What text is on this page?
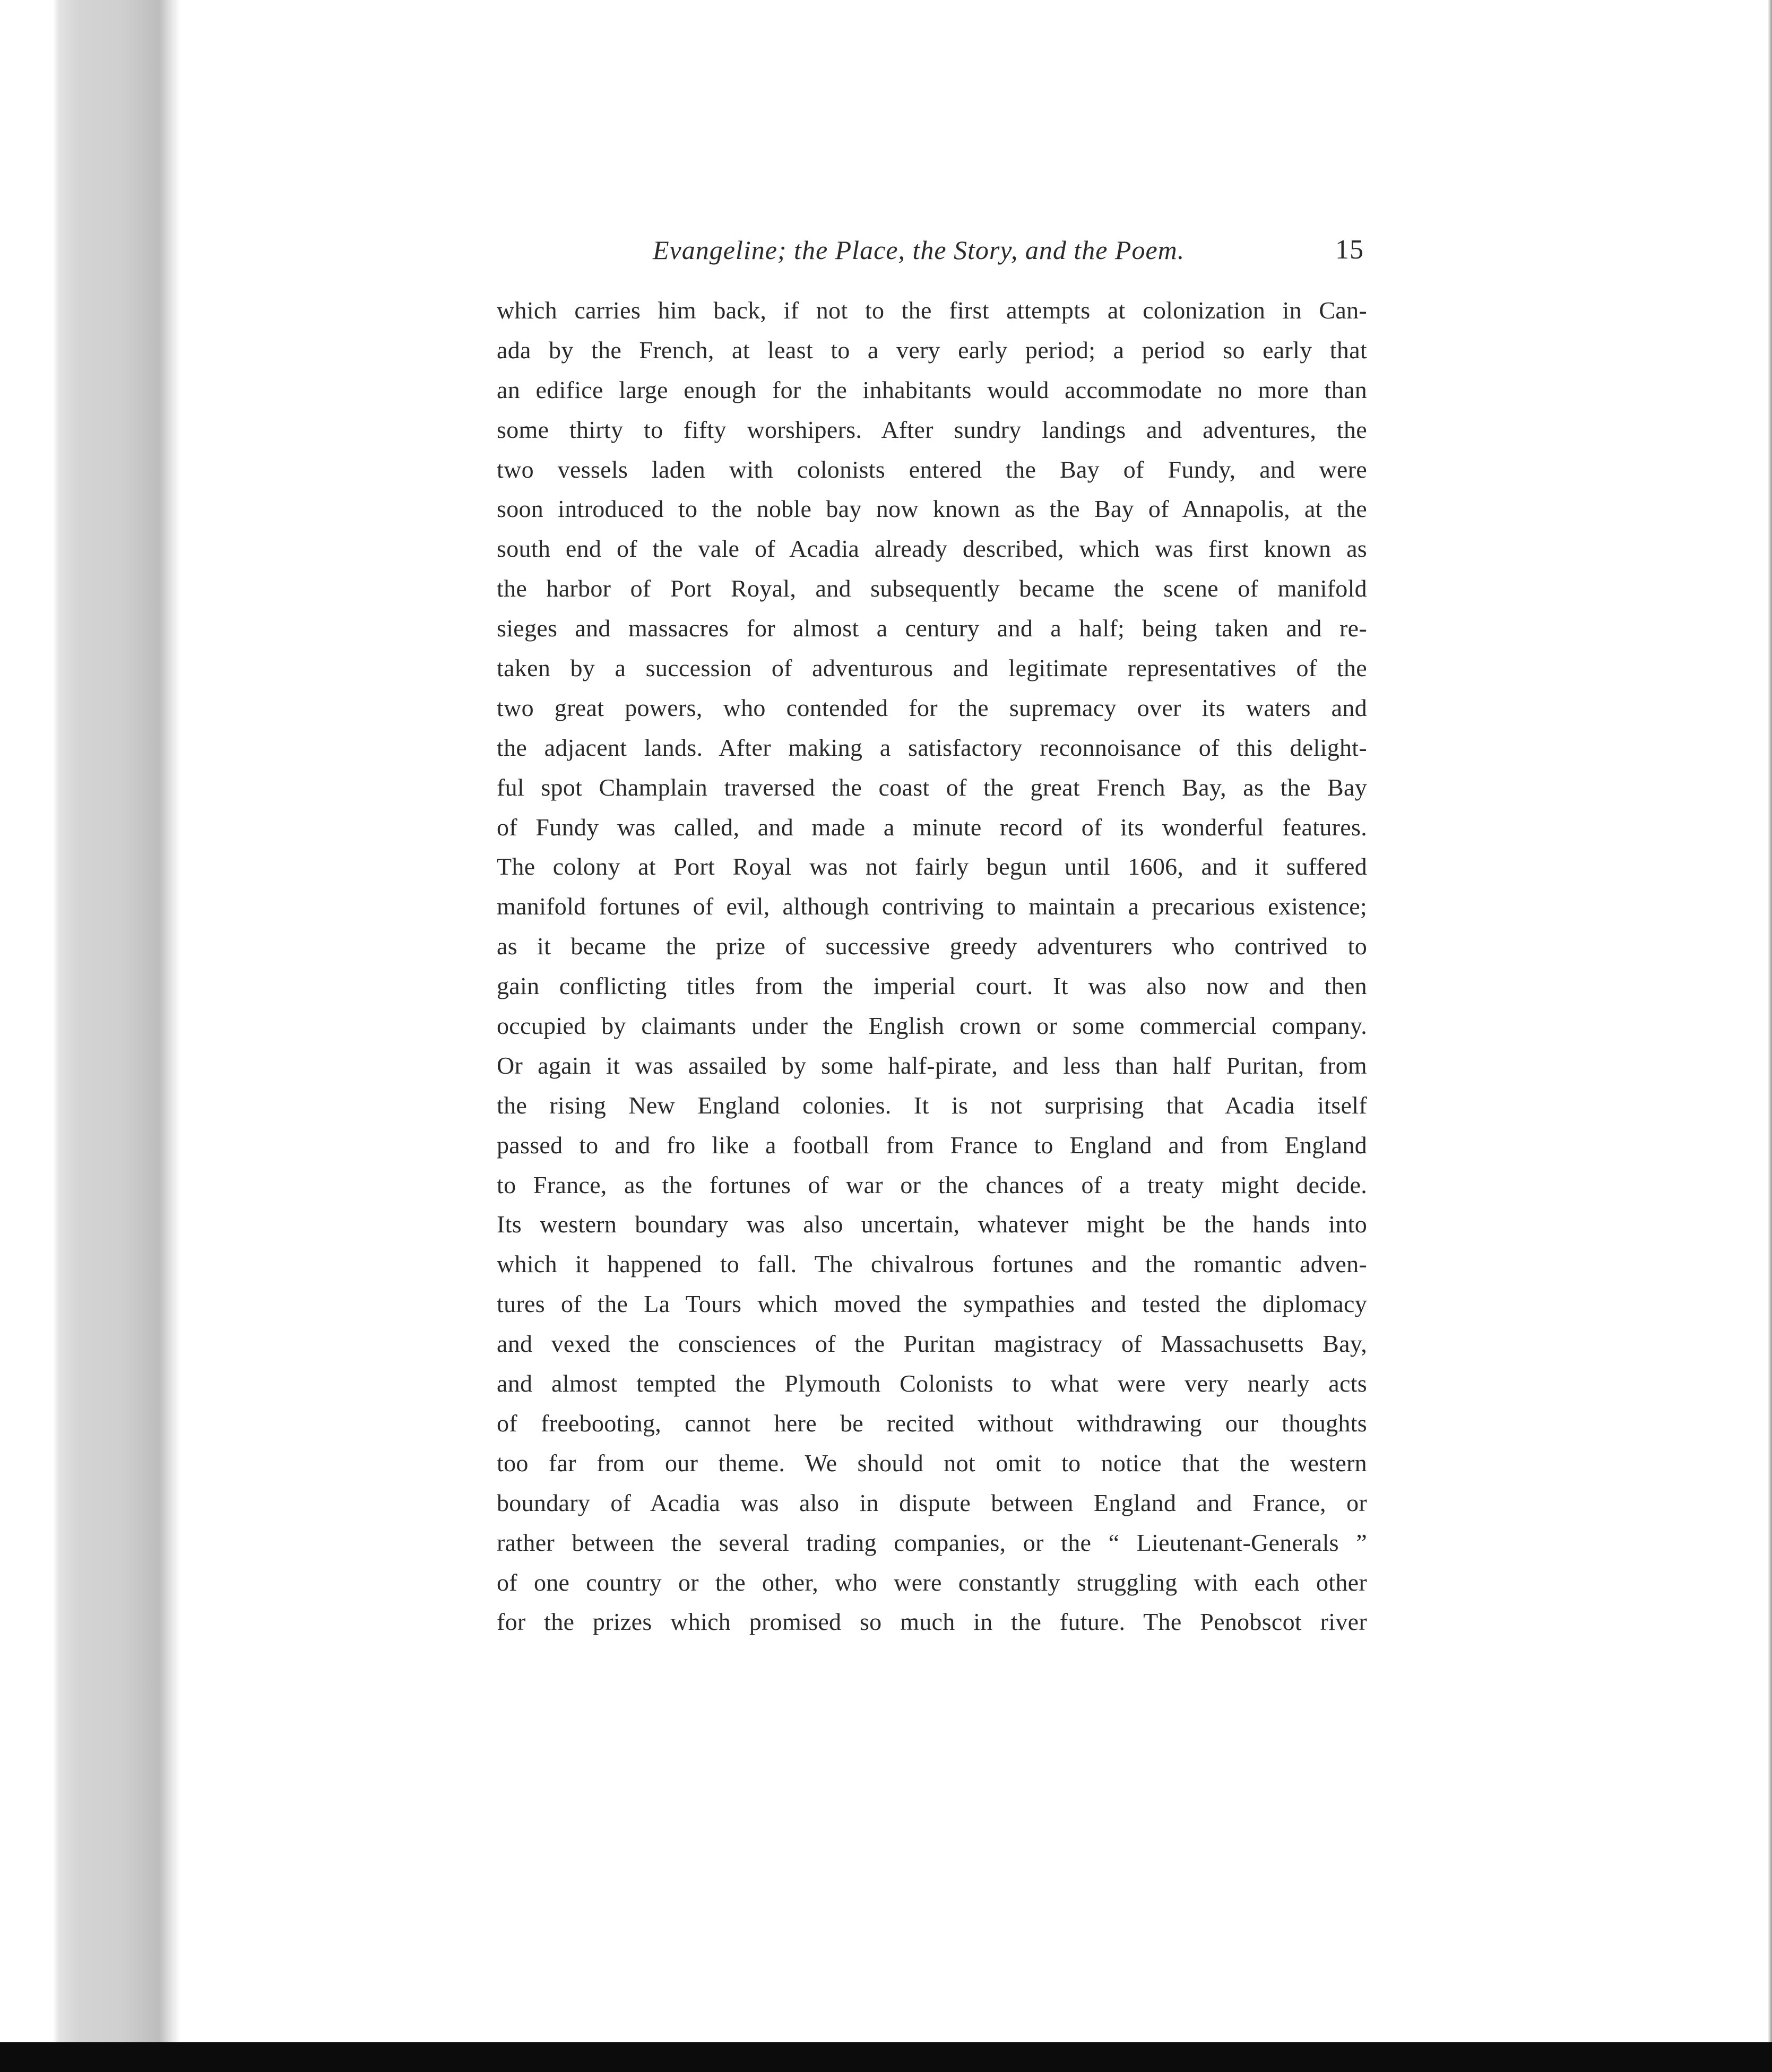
Evangeline; the Place, the Story, and the Poem.	15
which carries him back, if not to the first attempts at colonization in Can-
ada by the French, at least to a very early period; a period so early that
an edifice large enough for the inhabitants would accommodate no more than
some thirty to fifty worshipers. After sundry landings and adventures, the
two vessels laden with colonists entered the Bay of Fundy, and were
soon introduced to the noble bay now known as the Bay of Annapolis, at the
south end of the vale of Acadia already described, which was first known as
the harbor of Port Royal, and subsequently became the scene of manifold
sieges and massacres for almost a century and a half; being taken and re-
taken by a succession of adventurous and legitimate representatives of the
two great powers, who contended for the supremacy over its waters and
the adjacent lands. After making a satisfactory reconnoisance of this delight-
ful spot Champlain traversed the coast of the great French Bay, as the Bay
of Fundy was called, and made a minute record of its wonderful features.
The colony at Port Royal was not fairly begun until 1606, and it suffered
manifold fortunes of evil, although contriving to maintain a precarious existence;
as it became the prize of successive greedy adventurers who contrived to
gain conflicting titles from the imperial court. It was also now and then
occupied by claimants under the English crown or some commercial company.
Or again it was assailed by some half-pirate, and less than half Puritan, from
the rising New England colonies. It is not surprising that Acadia itself
passed to and fro like a football from France to England and from England
to France, as the fortunes of war or the chances of a treaty might decide.
Its western boundary was also uncertain, whatever might be the hands into
which it happened to fall. The chivalrous fortunes and the romantic adven-
tures of the La Tours which moved the sympathies and tested the diplomacy
and vexed the consciences of the Puritan magistracy of Massachusetts Bay,
and almost tempted the Plymouth Colonists to what were very nearly acts
of freebooting, cannot here be recited without withdrawing our thoughts
too far from our theme. We should not omit to notice that the western
boundary of Acadia was also in dispute between England and France, or
rather between the several trading companies, or the “ Lieutenant-Generals ”
of one country or the other, who were constantly struggling with each other
for the prizes which promised so much in the future. The Penobscot river
